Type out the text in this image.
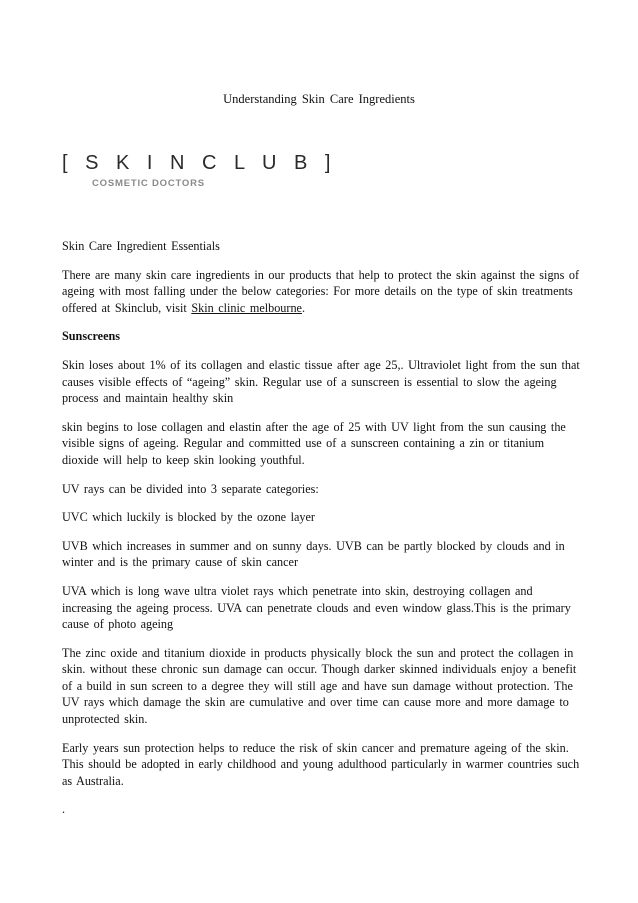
Understanding Skin Care Ingredients
[ S K I N C L U B ]
COSMETIC DOCTORS

Skin Care Ingredient Essentials

There are many skin care ingredients in our products that help to protect the skin against the signs of ageing with most falling under the below categories: For more details on the type of skin treatments offered at Skinclub, visit Skin clinic melbourne.

Sunscreens

Skin loses about 1% of its collagen and elastic tissue after age 25,. Ultraviolet light from the sun that causes visible effects of “ageing” skin. Regular use of a sunscreen is essential to slow the ageing process and maintain healthy skin

skin begins to lose collagen and elastin after the age of 25 with UV light from the sun causing the visible signs of ageing. Regular and committed use of a sunscreen containing a zin or titanium dioxide will help to keep skin looking youthful.

UV rays can be divided into 3 separate categories:

UVC which luckily is blocked by the ozone layer

UVB which increases in summer and on sunny days. UVB can be partly blocked by clouds and in winter and is the primary cause of skin cancer

UVA which is long wave ultra violet rays which penetrate into skin, destroying collagen and increasing the ageing process. UVA can penetrate clouds and even window glass.This is the primary cause of photo ageing

The zinc oxide and titanium dioxide in products physically block the sun and protect the collagen in skin. without these chronic sun damage can occur. Though darker skinned individuals enjoy a benefit of a build in sun screen to a degree they will still age and have sun damage without protection. The UV rays which damage the skin are cumulative and over time can cause more and more damage to unprotected skin.

Early years sun protection helps to reduce the risk of skin cancer and premature ageing of the skin. This should be adopted in early childhood and young adulthood particularly in warmer countries such as Australia.

.
